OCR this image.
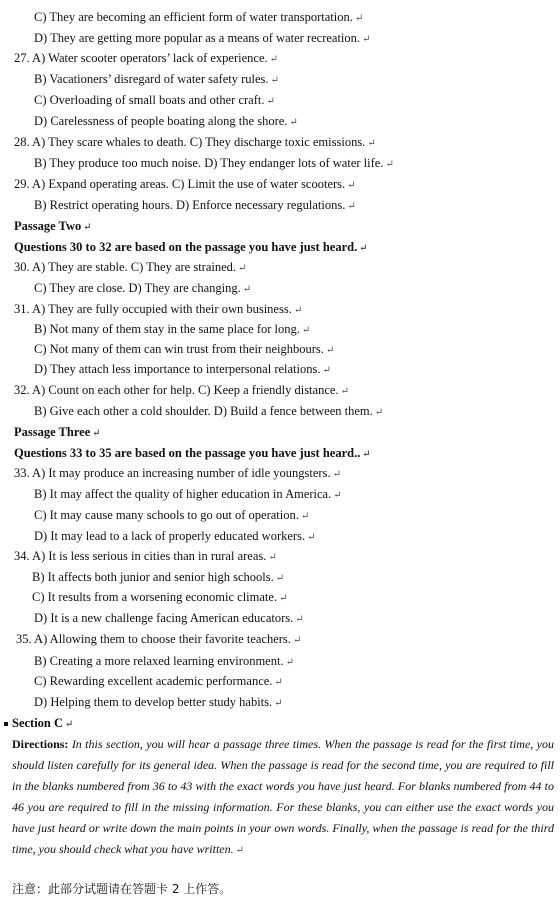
C) They are becoming an efficient form of water transportation. ↵
D) They are getting more popular as a means of water recreation. ↵
27. A) Water scooter operators’ lack of experience. ↵
B) Vacationers’ disregard of water safety rules. ↵
C) Overloading of small boats and other craft. ↵
D) Carelessness of people boating along the shore. ↵
28. A) They scare whales to death. C) They discharge toxic emissions. ↵
B) They produce too much noise. D) They endanger lots of water life. ↵
29. A) Expand operating areas. C) Limit the use of water scooters. ↵
B) Restrict operating hours. D) Enforce necessary regulations. ↵
Passage Two ↵
Questions 30 to 32 are based on the passage you have just heard. ↵
30. A) They are stable. C) They are strained. ↵
C) They are close. D) They are changing. ↵
31. A) They are fully occupied with their own business. ↵
B) Not many of them stay in the same place for long. ↵
C) Not many of them can win trust from their neighbours. ↵
D) They attach less importance to interpersonal relations. ↵
32. A) Count on each other for help. C) Keep a friendly distance. ↵
B) Give each other a cold shoulder. D) Build a fence between them. ↵
Passage Three ↵
Questions 33 to 35 are based on the passage you have just heard.. ↵
33. A) It may produce an increasing number of idle youngsters. ↵
B) It may affect the quality of higher education in America. ↵
C) It may cause many schools to go out of operation. ↵
D) It may lead to a lack of properly educated workers. ↵
34. A) It is less serious in cities than in rural areas. ↵
B) It affects both junior and senior high schools. ↵
C) It results from a worsening economic climate. ↵
D) It is a new challenge facing American educators. ↵
35. A) Allowing them to choose their favorite teachers. ↵
B) Creating a more relaxed learning environment. ↵
C) Rewarding excellent academic performance. ↵
D) Helping them to develop better study habits. ↵
Section C ↵
Directions: In this section, you will hear a passage three times. When the passage is read for the first time, you should listen carefully for its general idea. When the passage is read for the second time, you are required to fill in the blanks numbered from 36 to 43 with the exact words you have just heard. For blanks numbered from 44 to 46 you are required to fill in the missing information. For these blanks, you can either use the exact words you have just heard or write down the main points in your own words. Finally, when the passage is read for the third time, you should check what you have written. ↵
注意：此部分试题请在答题卡 2 上作答。
